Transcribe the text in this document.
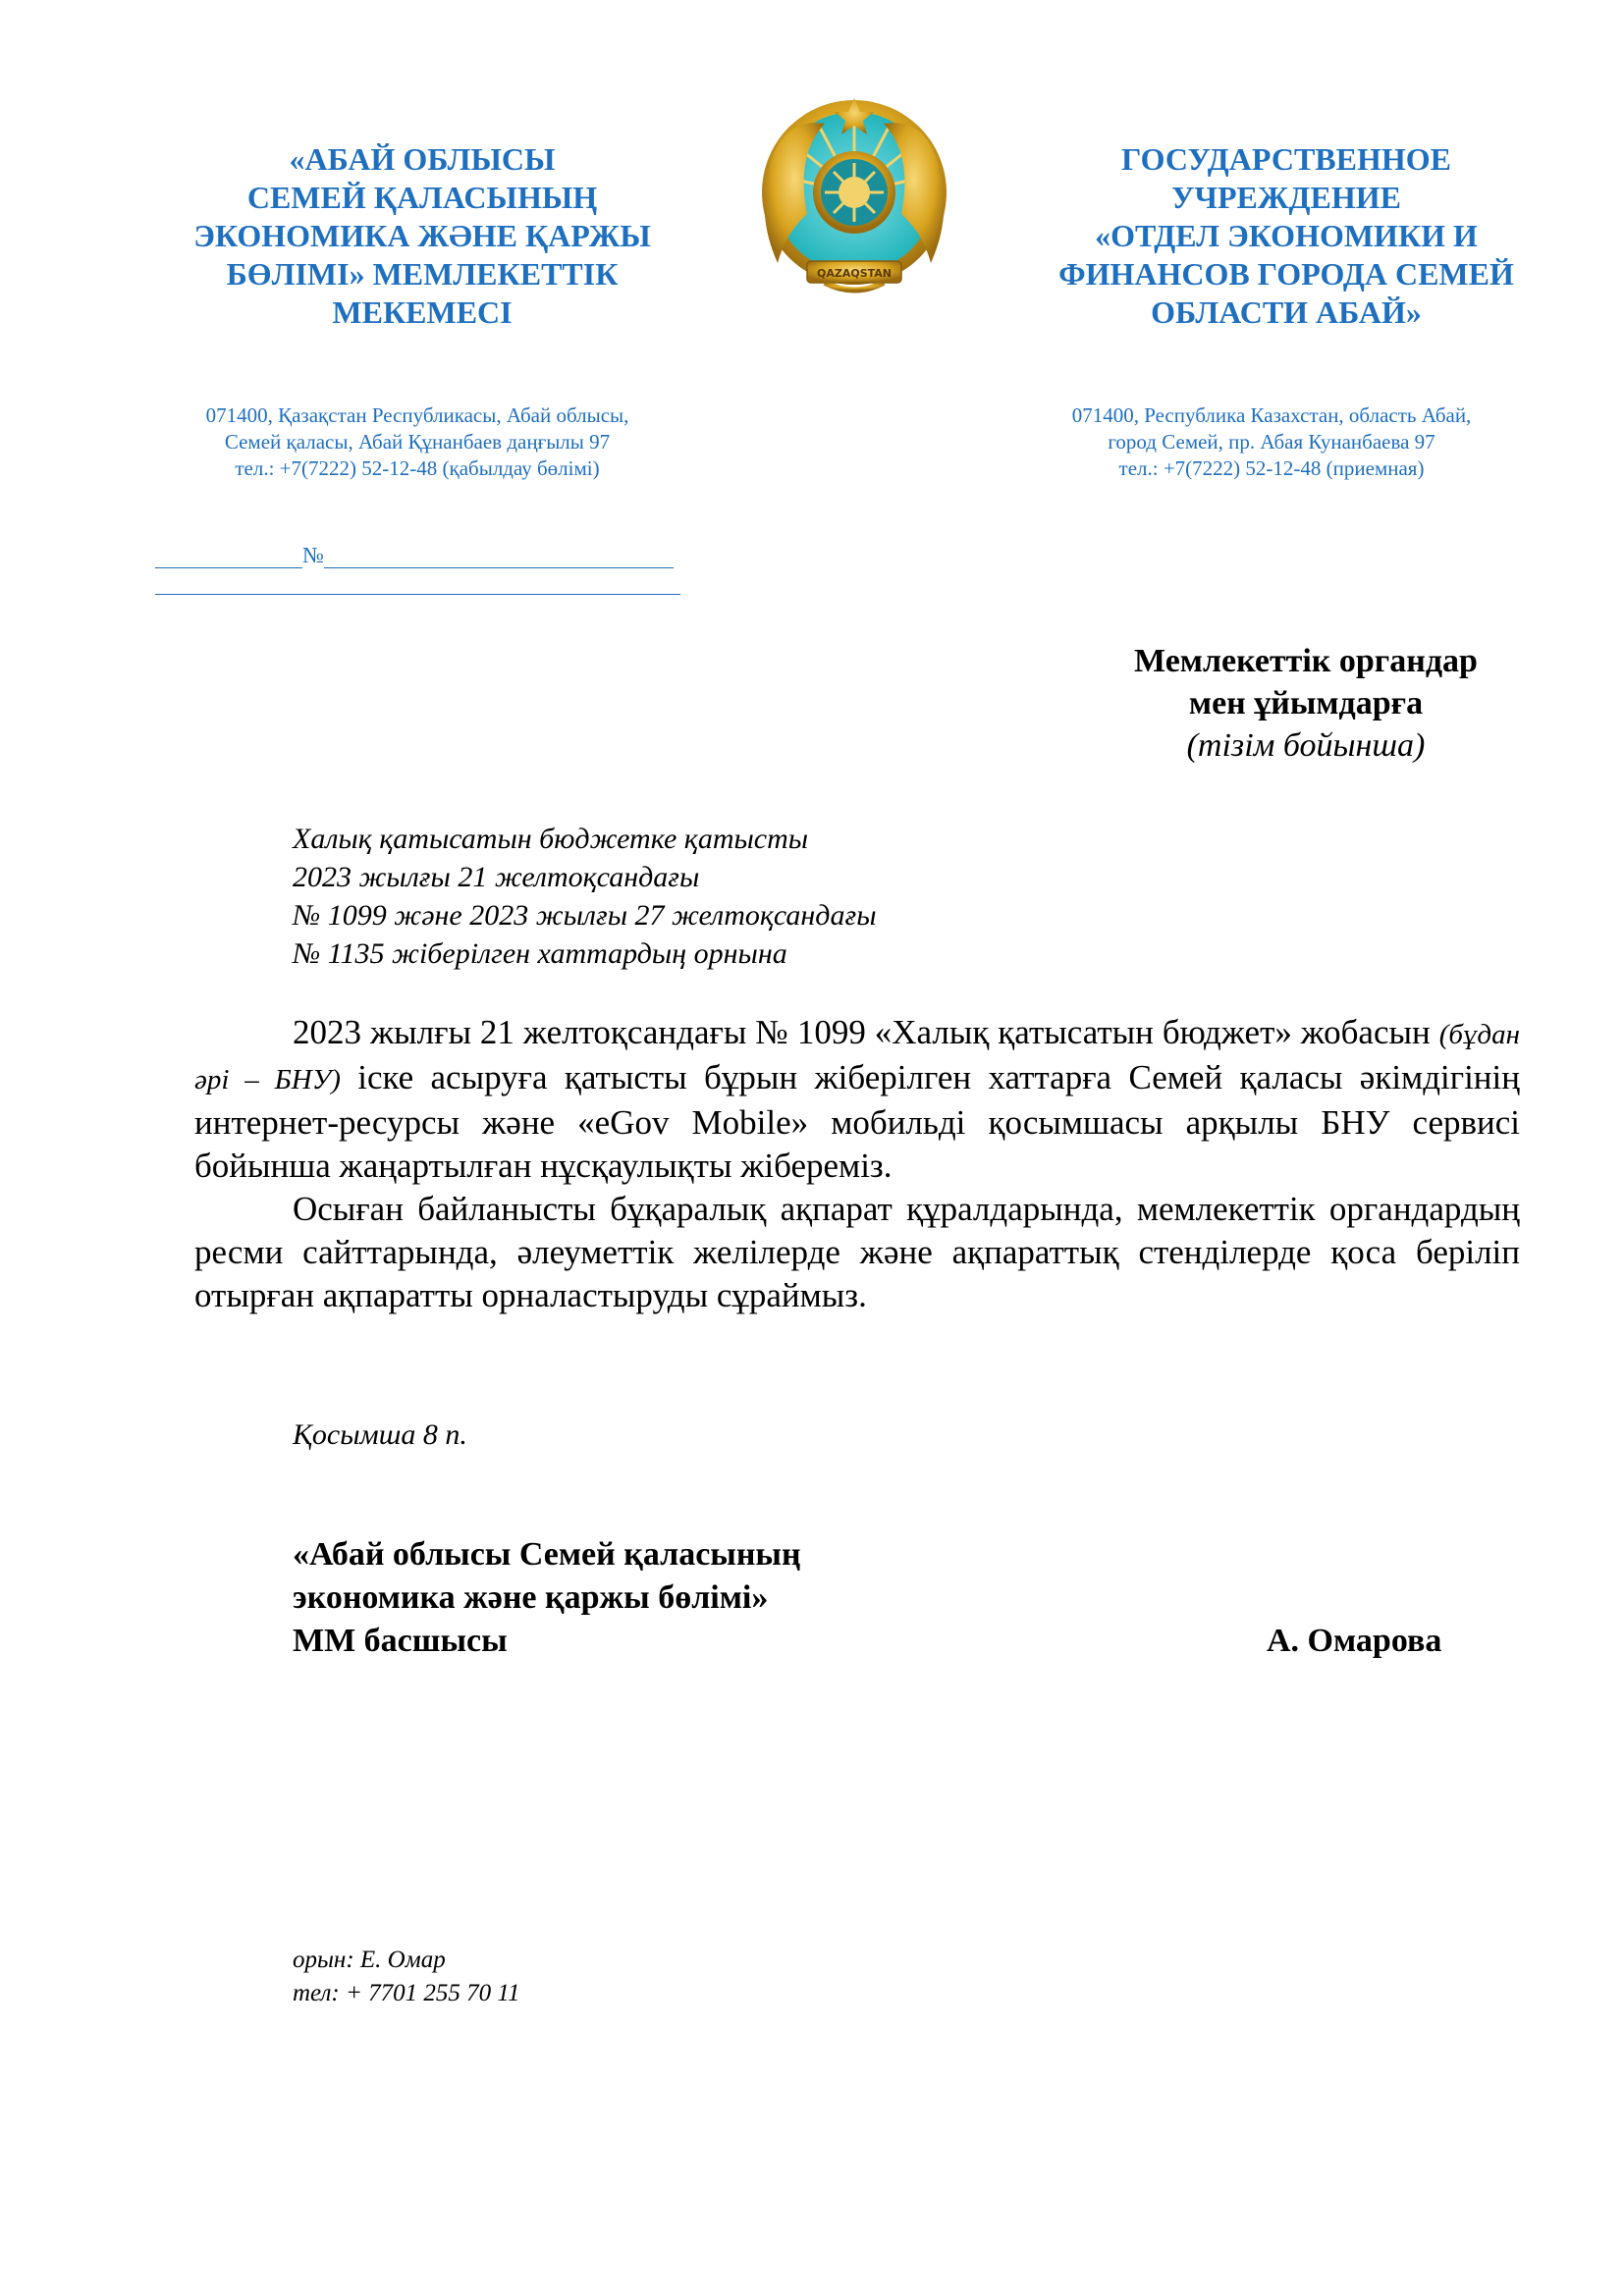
«АБАЙ ОБЛЫСЫ
СЕМЕЙ ҚАЛАСЫНЫҢ
ЭКОНОМИКА ЖӘНЕ ҚАРЖЫ
БӨЛІМІ» МЕМЛЕКЕТТІК
МЕКЕМЕСІ
QAZAQSTAN
ГОСУДАРСТВЕННОЕ
УЧРЕЖДЕНИЕ
«ОТДЕЛ ЭКОНОМИКИ И
ФИНАНСОВ ГОРОДА СЕМЕЙ
ОБЛАСТИ АБАЙ»
071400, Қазақстан Республикасы, Абай облысы,
Семей қаласы, Абай Құнанбаев даңғылы 97
тел.: +7(7222) 52-12-48 (қабылдау бөлімі)
071400, Республика Казахстан, область Абай,
город Семей, пр. Абая Кунанбаева 97
тел.: +7(7222) 52-12-48 (приемная)
№
Мемлекеттік органдар
мен ұйымдарға
(тізім бойынша)
Халық қатысатын бюджетке қатысты
2023 жылғы 21 желтоқсандағы
№ 1099 және 2023 жылғы 27 желтоқсандағы
№ 1135 жіберілген хаттардың орнына

2023 жылғы 21 желтоқсандағы № 1099 «Халық қатысатын бюджет» жобасын (бұдан әрі – БНУ) іске асыруға қатысты бұрын жіберілген хаттарға Семей қаласы әкімдігінің интернет-ресурсы және «eGov Mobile» мобильді қосымшасы арқылы БНУ сервисі бойынша жаңартылған нұсқаулықты жібереміз.

Осыған байланысты бұқаралық ақпарат құралдарында, мемлекеттік органдардың ресми сайттарында, әлеуметтік желілерде және ақпараттық стенділерде қоса беріліп отырған ақпаратты орналастыруды сұраймыз.

Қосымша 8 п.
«Абай облысы Семей қаласының
экономика және қаржы бөлімі»
ММ басшысы	А. Омарова
орын: Е. Омар
тел: + 7701 255 70 11
